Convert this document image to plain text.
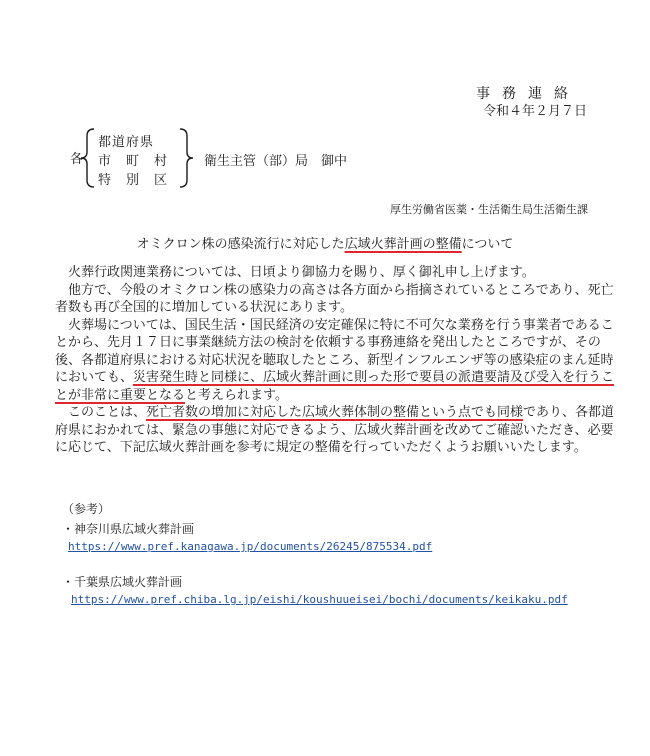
事務連絡
令和４年２月７日
各
都道府県
市　町　村
特　別　区
衛生主管（部）局　御中
厚生労働省医薬・生活衛生局生活衛生課
オミクロン株の感染流行に対応した広域火葬計画の整備について

火葬行政関連業務については、日頃より御協力を賜り、厚く御礼申し上げます。

他方で、今般のオミクロン株の感染力の高さは各方面から指摘されているところであり、死亡者数も再び全国的に増加している状況にあります。

火葬場については、国民生活・国民経済の安定確保に特に不可欠な業務を行う事業者であることから、先月１７日に事業継続方法の検討を依頼する事務連絡を発出したところですが、その後、各都道府県における対応状況を聴取したところ、新型インフルエンザ等の感染症のまん延時においても、災害発生時と同様に、広域火葬計画に則った形で要員の派遣要請及び受入を行うことが非常に重要となると考えられます。

このことは、死亡者数の増加に対応した広域火葬体制の整備という点でも同様であり、各都道府県におかれては、緊急の事態に対応できるよう、広域火葬計画を改めてご確認いただき、必要に応じて、下記広域火葬計画を参考に規定の整備を行っていただくようお願いいたします。

（参考）
・神奈川県広域火葬計画
https://www.pref.kanagawa.jp/documents/26245/875534.pdf
・千葉県広域火葬計画
https://www.pref.chiba.lg.jp/eishi/koushuueisei/bochi/documents/keikaku.pdf
